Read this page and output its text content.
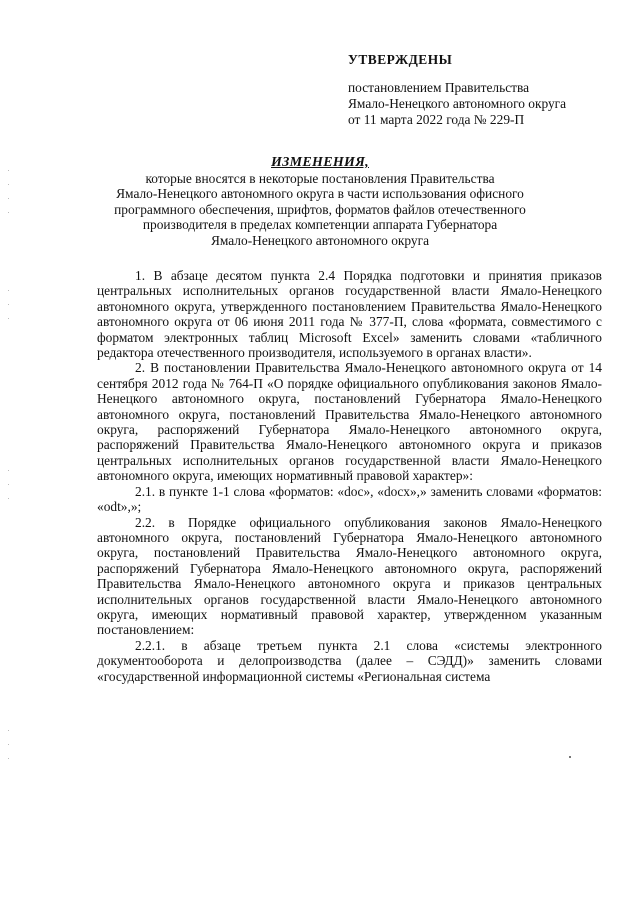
УТВЕРЖДЕНЫ
постановлением Правительства
Ямало-Ненецкого автономного округа
от 11 марта 2022 года № 229-П
ИЗМЕНЕНИЯ,
которые вносятся в некоторые постановления Правительства
Ямало-Ненецкого автономного округа в части использования офисного
программного обеспечения, шрифтов, форматов файлов отечественного
производителя в пределах компетенции аппарата Губернатора
Ямало-Ненецкого автономного округа

1. В абзаце десятом пункта 2.4 Порядка подготовки и принятия приказов центральных исполнительных органов государственной власти Ямало-Ненецкого автономного округа, утвержденного постановлением Правительства Ямало-Ненецкого автономного округа от 06 июня 2011 года № 377-П, слова «формата, совместимого с форматом электронных таблиц Microsoft Excel» заменить словами «табличного редактора отечественного производителя, используемого в органах власти».

2. В постановлении Правительства Ямало-Ненецкого автономного округа от 14 сентября 2012 года № 764-П «О порядке официального опубликования законов Ямало-Ненецкого автономного округа, постановлений Губернатора Ямало-Ненецкого автономного округа, постановлений Правительства Ямало-Ненецкого автономного округа, распоряжений Губернатора Ямало-Ненецкого автономного округа, распоряжений Правительства Ямало-Ненецкого автономного округа и приказов центральных исполнительных органов государственной власти Ямало-Ненецкого автономного округа, имеющих нормативный правовой характер»:

2.1. в пункте 1-1 слова «форматов: «doc», «docx»,» заменить словами «форматов: «odt»,»;

2.2. в Порядке официального опубликования законов Ямало-Ненецкого автономного округа, постановлений Губернатора Ямало-Ненецкого автономного округа, постановлений Правительства Ямало-Ненецкого автономного округа, распоряжений Губернатора Ямало-Ненецкого автономного округа, распоряжений Правительства Ямало-Ненецкого автономного округа и приказов центральных исполнительных органов государственной власти Ямало-Ненецкого автономного округа, имеющих нормативный правовой характер, утвержденном указанным постановлением:

2.2.1. в абзаце третьем пункта 2.1 слова «системы электронного документооборота и делопроизводства (далее – СЭДД)» заменить словами «государственной информационной системы «Региональная система
